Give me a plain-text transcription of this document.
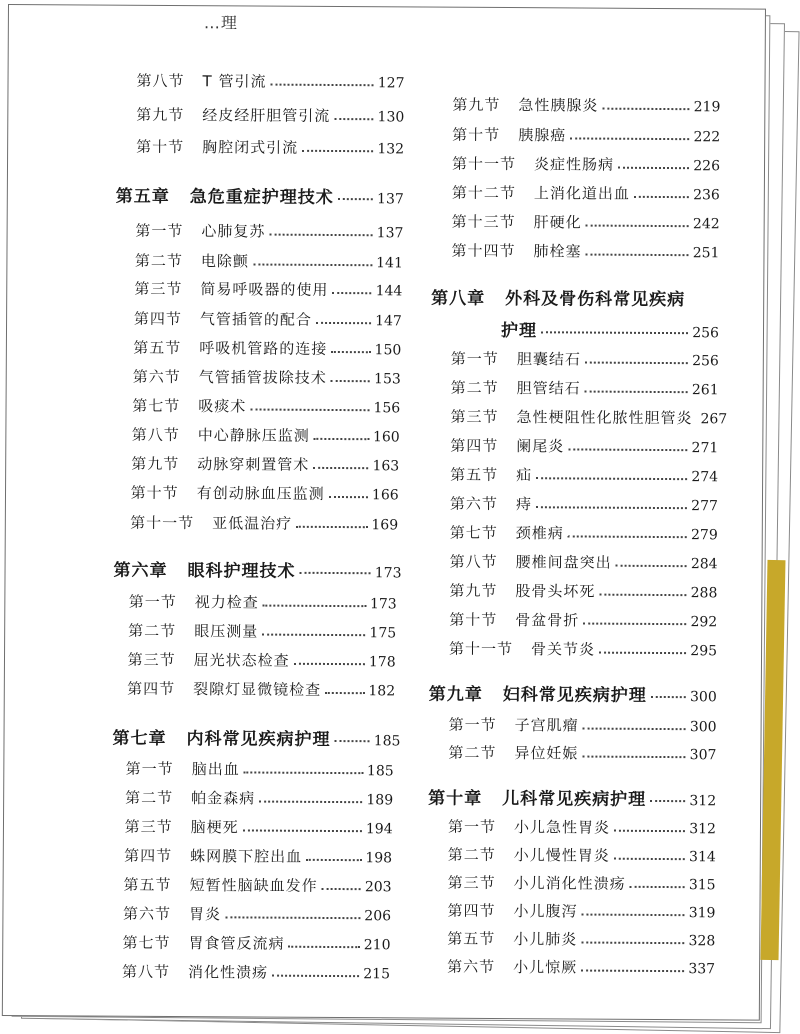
…理
第八节 T 管引流	127
第九节 经皮经肝胆管引流	130
第十节 胸腔闭式引流	132
第五章 急危重症护理技术	137
第一节 心肺复苏	137
第二节 电除颤	141
第三节 简易呼吸器的使用	144
第四节 气管插管的配合	147
第五节 呼吸机管路的连接	150
第六节 气管插管拔除技术	153
第七节 吸痰术	156
第八节 中心静脉压监测	160
第九节 动脉穿刺置管术	163
第十节 有创动脉血压监测	166
第十一节 亚低温治疗	169
第六章 眼科护理技术	173
第一节 视力检查	173
第二节 眼压测量	175
第三节 屈光状态检查	178
第四节 裂隙灯显微镜检查	182
第七章 内科常见疾病护理	185
第一节 脑出血	185
第二节 帕金森病	189
第三节 脑梗死	194
第四节 蛛网膜下腔出血	198
第五节 短暂性脑缺血发作	203
第六节 胃炎	206
第七节 胃食管反流病	210
第八节 消化性溃疡	215
第九节 急性胰腺炎	219
第十节 胰腺癌	222
第十一节 炎症性肠病	226
第十二节 上消化道出血	236
第十三节 肝硬化	242
第十四节 肺栓塞	251
第八章 外科及骨伤科常见疾病
护理	256
第一节 胆囊结石	256
第二节 胆管结石	261
第三节 急性梗阻性化脓性胆管炎 267
第四节 阑尾炎	271
第五节 疝	274
第六节 痔	277
第七节 颈椎病	279
第八节 腰椎间盘突出	284
第九节 股骨头坏死	288
第十节 骨盆骨折	292
第十一节 骨关节炎	295
第九章 妇科常见疾病护理	300
第一节 子宫肌瘤	300
第二节 异位妊娠	307
第十章 儿科常见疾病护理	312
第一节 小儿急性胃炎	312
第二节 小儿慢性胃炎	314
第三节 小儿消化性溃疡	315
第四节 小儿腹泻	319
第五节 小儿肺炎	328
第六节 小儿惊厥	337
